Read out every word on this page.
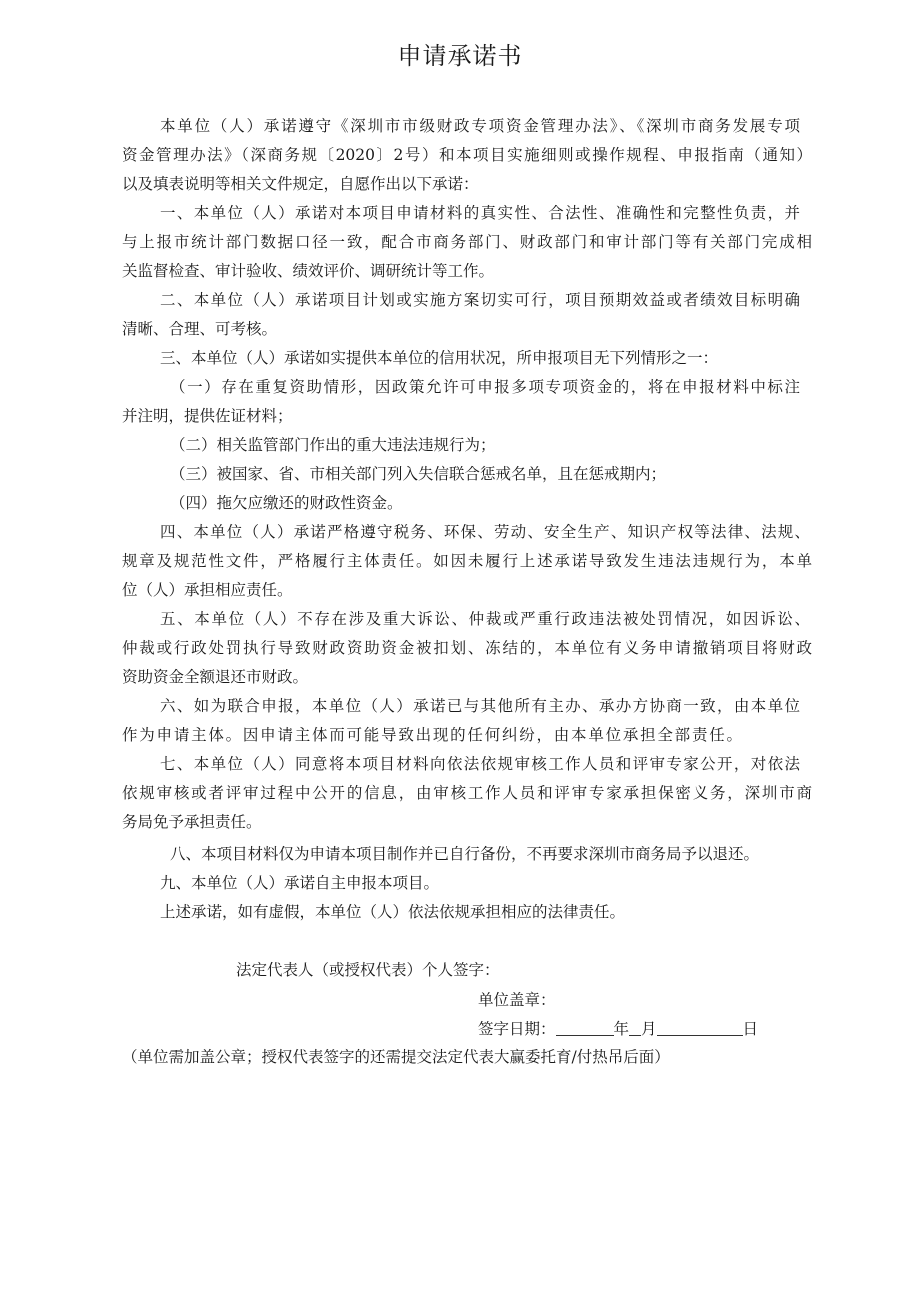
申请承诺书
本单位（人）承诺遵守《深圳市市级财政专项资金管理办法》、《深圳市商务发展专项
资金管理办法》（深商务规〔2020〕2号）和本项目实施细则或操作规程、申报指南（通知）
以及填表说明等相关文件规定，自愿作出以下承诺：
一、本单位（人）承诺对本项目申请材料的真实性、合法性、准确性和完整性负责，并
与上报市统计部门数据口径一致，配合市商务部门、财政部门和审计部门等有关部门完成相
关监督检查、审计验收、绩效评价、调研统计等工作。
二、本单位（人）承诺项目计划或实施方案切实可行，项目预期效益或者绩效目标明确
清晰、合理、可考核。
三、本单位（人）承诺如实提供本单位的信用状况，所申报项目无下列情形之一：
（一）存在重复资助情形，因政策允许可申报多项专项资金的，将在申报材料中标注
并注明，提供佐证材料；
（二）相关监管部门作出的重大违法违规行为；
（三）被国家、省、市相关部门列入失信联合惩戒名单，且在惩戒期内；
（四）拖欠应缴还的财政性资金。
四、本单位（人）承诺严格遵守税务、环保、劳动、安全生产、知识产权等法律、法规、
规章及规范性文件，严格履行主体责任。如因未履行上述承诺导致发生违法违规行为，本单
位（人）承担相应责任。
五、本单位（人）不存在涉及重大诉讼、仲裁或严重行政违法被处罚情况，如因诉讼、
仲裁或行政处罚执行导致财政资助资金被扣划、冻结的，本单位有义务申请撤销项目将财政
资助资金全额退还市财政。
六、如为联合申报，本单位（人）承诺已与其他所有主办、承办方协商一致，由本单位
作为申请主体。因申请主体而可能导致出现的任何纠纷，由本单位承担全部责任。
七、本单位（人）同意将本项目材料向依法依规审核工作人员和评审专家公开，对依法
依规审核或者评审过程中公开的信息，由审核工作人员和评审专家承担保密义务，深圳市商
务局免予承担责任。
八、本项目材料仅为申请本项目制作并已自行备份，不再要求深圳市商务局予以退还。
九、本单位（人）承诺自主申报本项目。
上述承诺，如有虚假，本单位（人）依法依规承担相应的法律责任。
法定代表人（或授权代表）个人签字：
单位盖章：
签字日期：	年 月	日
（单位需加盖公章；授权代表签字的还需提交法定代表大赢委托育/付热吊后面）
